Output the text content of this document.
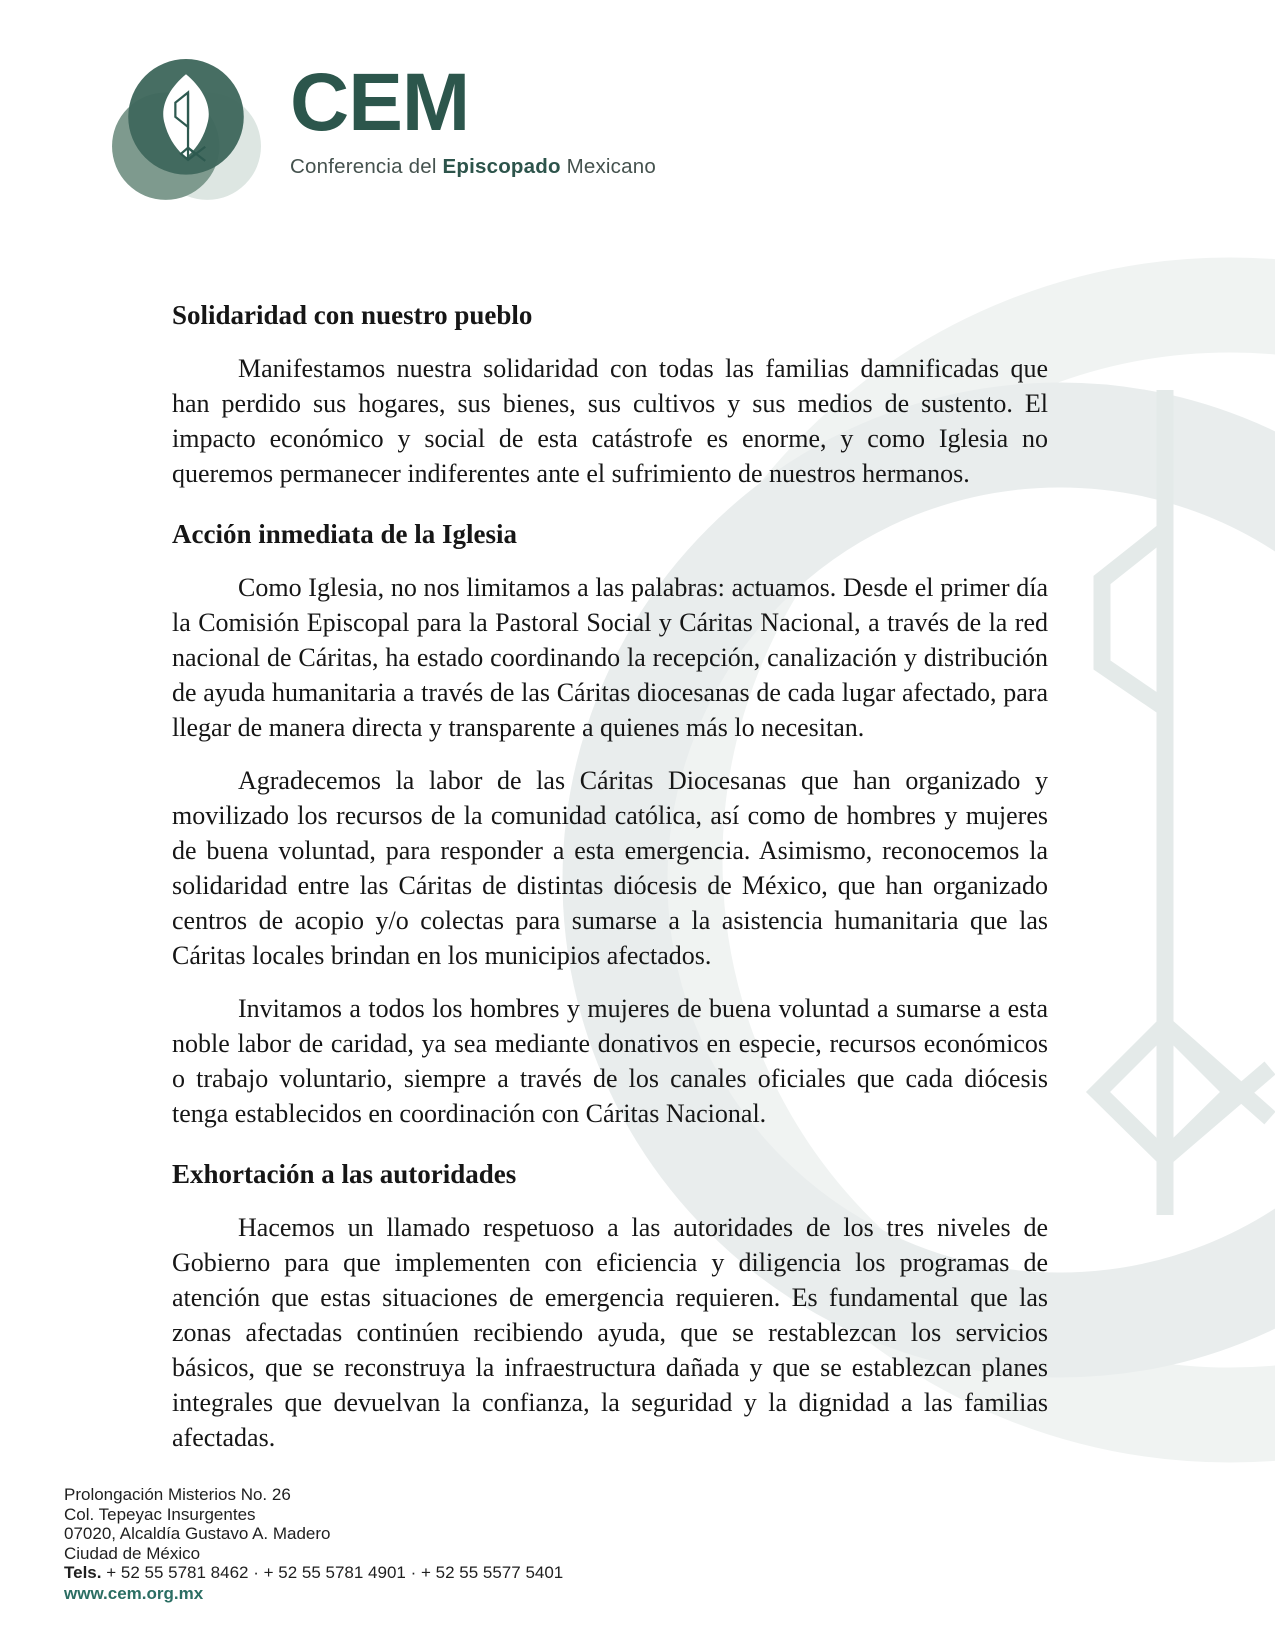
CEM
Conferencia del Episcopado Mexicano
Solidaridad con nuestro pueblo

Manifestamos nuestra solidaridad con todas las familias damnificadas que han perdido sus hogares, sus bienes, sus cultivos y sus medios de sustento. El impacto económico y social de esta catástrofe es enorme, y como Iglesia no queremos permanecer indiferentes ante el sufrimiento de nuestros hermanos.

Acción inmediata de la Iglesia

Como Iglesia, no nos limitamos a las palabras: actuamos. Desde el primer día la Comisión Episcopal para la Pastoral Social y Cáritas Nacional, a través de la red nacional de Cáritas, ha estado coordinando la recepción, canalización y distribución de ayuda humanitaria a través de las Cáritas diocesanas de cada lugar afectado, para llegar de manera directa y transparente a quienes más lo necesitan.

Agradecemos la labor de las Cáritas Diocesanas que han organizado y movilizado los recursos de la comunidad católica, así como de hombres y mujeres de buena voluntad, para responder a esta emergencia. Asimismo, reconocemos la solidaridad entre las Cáritas de distintas diócesis de México, que han organizado centros de acopio y/o colectas para sumarse a la asistencia humanitaria que las Cáritas locales brindan en los municipios afectados.

Invitamos a todos los hombres y mujeres de buena voluntad a sumarse a esta noble labor de caridad, ya sea mediante donativos en especie, recursos económicos o trabajo voluntario, siempre a través de los canales oficiales que cada diócesis tenga establecidos en coordinación con Cáritas Nacional.

Exhortación a las autoridades

Hacemos un llamado respetuoso a las autoridades de los tres niveles de Gobierno para que implementen con eficiencia y diligencia los programas de atención que estas situaciones de emergencia requieren. Es fundamental que las zonas afectadas continúen recibiendo ayuda, que se restablezcan los servicios básicos, que se reconstruya la infraestructura dañada y que se establezcan planes integrales que devuelvan la confianza, la seguridad y la dignidad a las familias afectadas.

Prolongación Misterios No. 26
Col. Tepeyac Insurgentes
07020, Alcaldía Gustavo A. Madero
Ciudad de México
Tels. + 52 55 5781 8462 · + 52 55 5781 4901 · + 52 55 5577 5401
www.cem.org.mx
